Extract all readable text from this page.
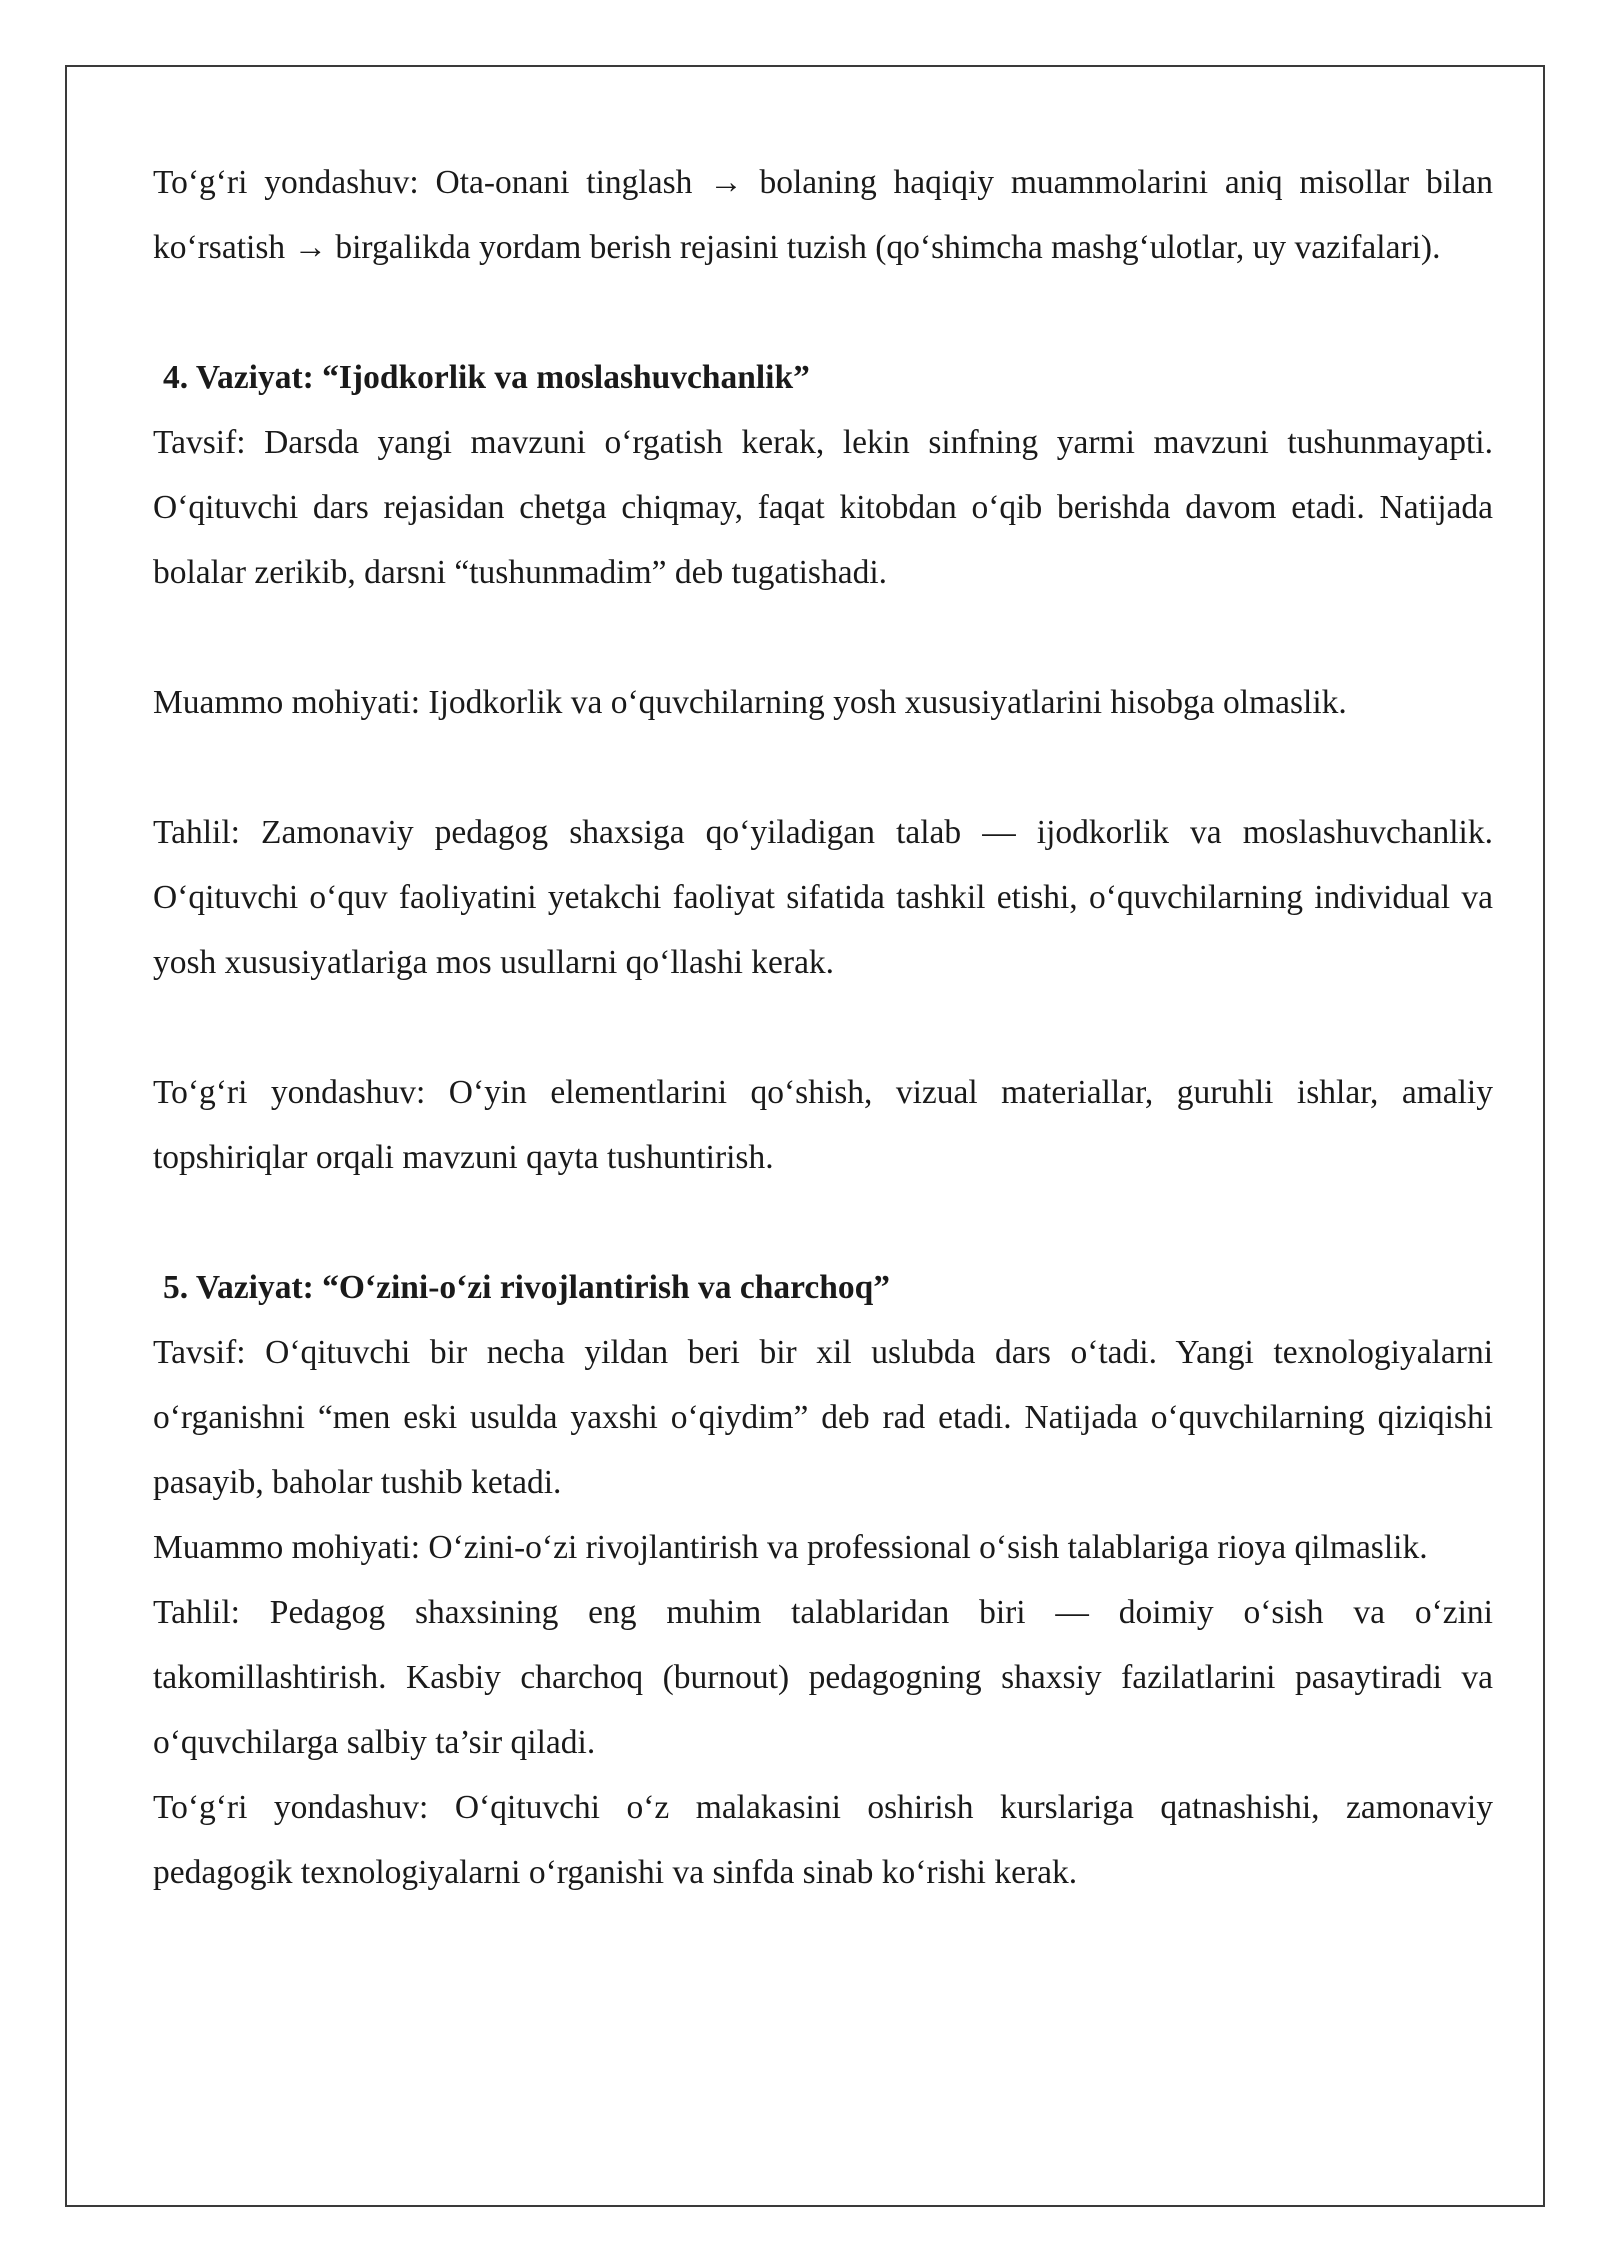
To‘g‘ri yondashuv: Ota-onani tinglash → bolaning haqiqiy muammolarini aniq misollar bilan ko‘rsatish → birgalikda yordam berish rejasini tuzish (qo‘shimcha mashg‘ulotlar, uy vazifalari).

4. Vaziyat: “Ijodkorlik va moslashuvchanlik”

Tavsif: Darsda yangi mavzuni o‘rgatish kerak, lekin sinfning yarmi mavzuni tushunmayapti. O‘qituvchi dars rejasidan chetga chiqmay, faqat kitobdan o‘qib berishda davom etadi. Natijada bolalar zerikib, darsni “tushunmadim” deb tugatishadi.

Muammo mohiyati: Ijodkorlik va o‘quvchilarning yosh xususiyatlarini hisobga olmaslik.

Tahlil: Zamonaviy pedagog shaxsiga qo‘yiladigan talab — ijodkorlik va moslashuvchanlik. O‘qituvchi o‘quv faoliyatini yetakchi faoliyat sifatida tashkil etishi, o‘quvchilarning individual va yosh xususiyatlariga mos usullarni qo‘llashi kerak.

To‘g‘ri yondashuv: O‘yin elementlarini qo‘shish, vizual materiallar, guruhli ishlar, amaliy topshiriqlar orqali mavzuni qayta tushuntirish.

5. Vaziyat: “O‘zini-o‘zi rivojlantirish va charchoq”

Tavsif: O‘qituvchi bir necha yildan beri bir xil uslubda dars o‘tadi. Yangi texnologiyalarni o‘rganishni “men eski usulda yaxshi o‘qiydim” deb rad etadi. Natijada o‘quvchilarning qiziqishi pasayib, baholar tushib ketadi.

Muammo mohiyati: O‘zini-o‘zi rivojlantirish va professional o‘sish talablariga rioya qilmaslik.

Tahlil: Pedagog shaxsining eng muhim talablaridan biri — doimiy o‘sish va o‘zini takomillashtirish. Kasbiy charchoq (burnout) pedagogning shaxsiy fazilatlarini pasaytiradi va o‘quvchilarga salbiy ta’sir qiladi.

To‘g‘ri yondashuv: O‘qituvchi o‘z malakasini oshirish kurslariga qatnashishi, zamonaviy pedagogik texnologiyalarni o‘rganishi va sinfda sinab ko‘rishi kerak.
